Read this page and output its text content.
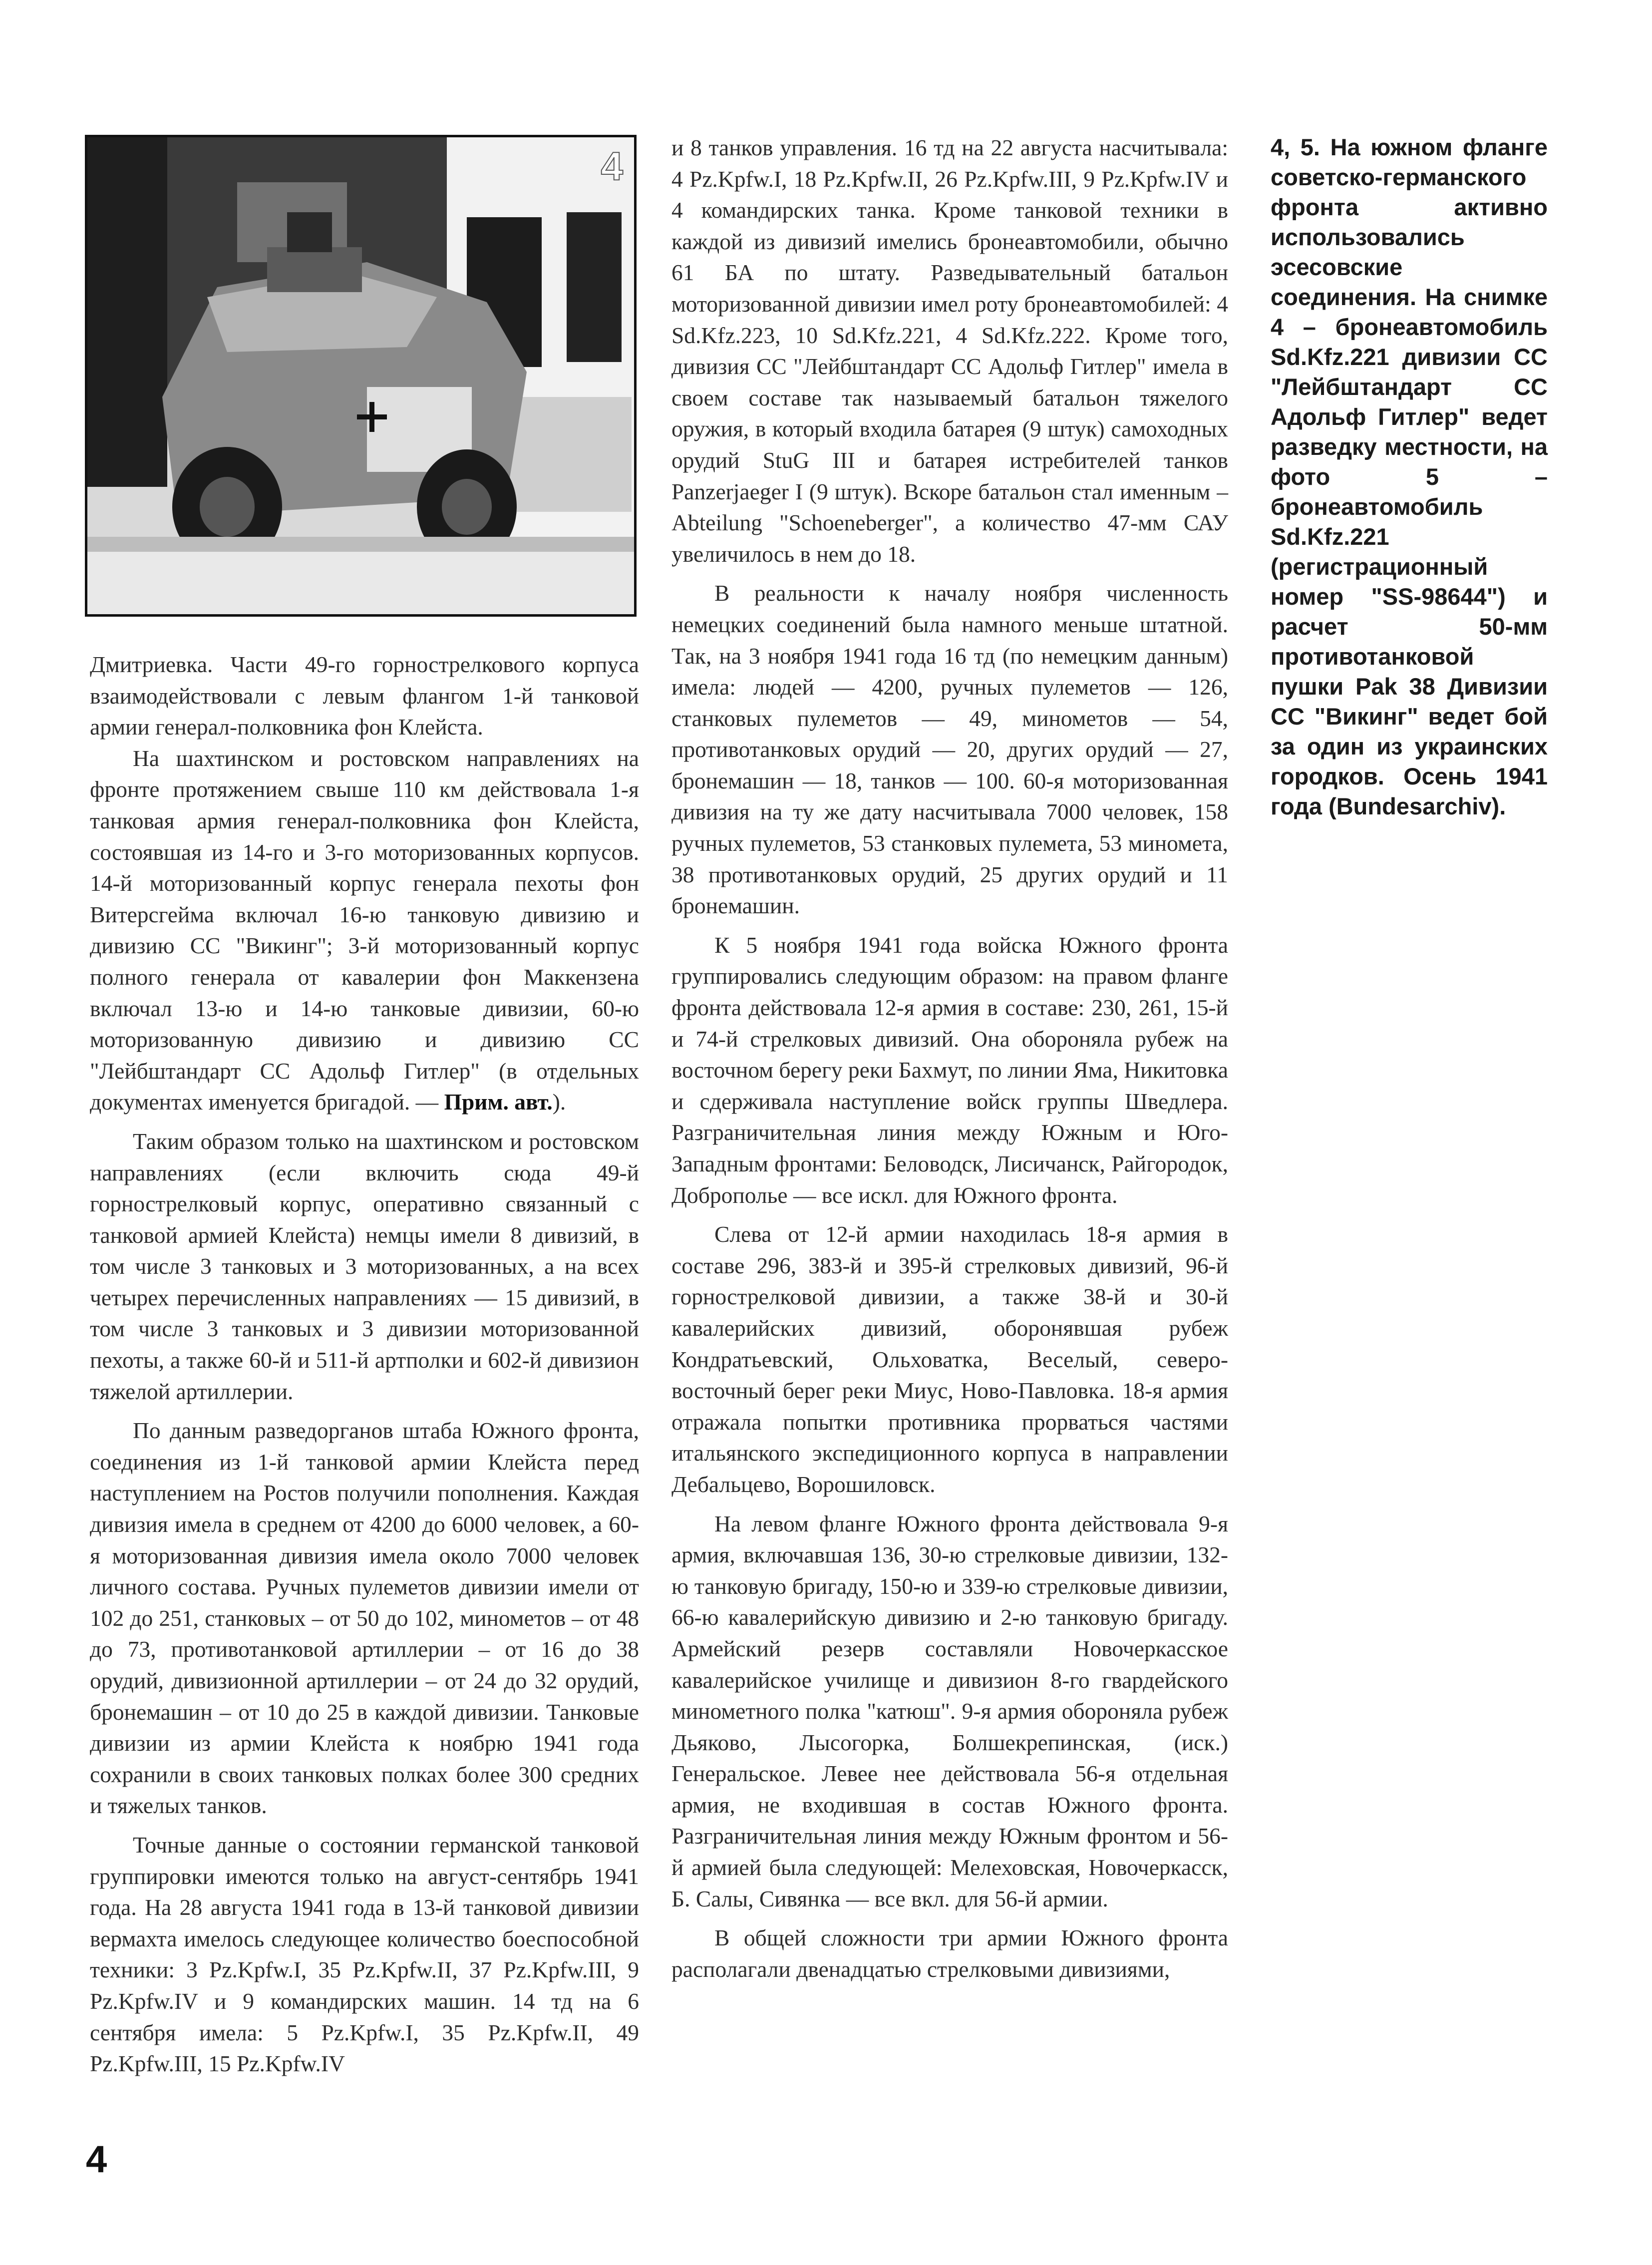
4

Дмитриевка. Части 49-го горнострелкового корпуса взаимодействовали с левым флангом 1-й танковой армии генерал-полковника фон Клейста.

На шахтинском и ростовском направлениях на фронте протяжением свыше 110 км действовала 1-я танковая армия генерал-полковника фон Клейста, состоявшая из 14-го и 3-го моторизованных корпусов. 14-й моторизованный корпус генерала пехоты фон Витерсгейма включал 16-ю танковую дивизию и дивизию СС "Викинг"; 3-й моторизованный корпус полного генерала от кавалерии фон Маккензена включал 13-ю и 14-ю танковые дивизии, 60-ю моторизованную дивизию и дивизию СС "Лейбштандарт СС Адольф Гитлер" (в отдельных документах именуется бригадой. — Прим. авт.).

Таким образом только на шахтинском и ростовском направлениях (если включить сюда 49-й горнострелковый корпус, оперативно связанный с танковой армией Клейста) немцы имели 8 дивизий, в том числе 3 танковых и 3 моторизованных, а на всех четырех перечисленных направлениях — 15 дивизий, в том числе 3 танковых и 3 дивизии моторизованной пехоты, а также 60-й и 511-й артполки и 602-й дивизион тяжелой артиллерии.

По данным разведорганов штаба Южного фронта, соединения из 1-й танковой армии Клейста перед наступлением на Ростов получили пополнения. Каждая дивизия имела в среднем от 4200 до 6000 человек, а 60-я моторизованная дивизия имела около 7000 человек личного состава. Ручных пулеметов дивизии имели от 102 до 251, станковых – от 50 до 102, минометов – от 48 до 73, противотанковой артиллерии – от 16 до 38 орудий, дивизионной артиллерии – от 24 до 32 орудий, бронемашин – от 10 до 25 в каждой дивизии. Танковые дивизии из армии Клейста к ноябрю 1941 года сохранили в своих танковых полках более 300 средних и тяжелых танков.

Точные данные о состоянии германской танковой группировки имеются только на август-сентябрь 1941 года. На 28 августа 1941 года в 13-й танковой дивизии вермахта имелось следующее количество боеспособной техники: 3 Pz.Kpfw.I, 35 Pz.Kpfw.II, 37 Pz.Kpfw.III, 9 Pz.Kpfw.IV и 9 командирских машин. 14 тд на 6 сентября имела: 5 Pz.Kpfw.I, 35 Pz.Kpfw.II, 49 Pz.Kpfw.III, 15 Pz.Kpfw.IV

и 8 танков управления. 16 тд на 22 августа насчитывала: 4 Pz.Kpfw.I, 18 Pz.Kpfw.II, 26 Pz.Kpfw.III, 9 Pz.Kpfw.IV и 4 командирских танка. Кроме танковой техники в каждой из дивизий имелись бронеавтомобили, обычно 61 БА по штату. Разведывательный батальон моторизованной дивизии имел роту бронеавтомобилей: 4 Sd.Kfz.223, 10 Sd.Kfz.221, 4 Sd.Kfz.222. Кроме того, дивизия СС "Лейбштандарт СС Адольф Гитлер" имела в своем составе так называемый батальон тяжелого оружия, в который входила батарея (9 штук) самоходных орудий StuG III и батарея истребителей танков Panzerjaeger I (9 штук). Вскоре батальон стал именным – Abteilung "Schoeneberger", а количество 47-мм САУ увеличилось в нем до 18.

В реальности к началу ноября численность немецких соединений была намного меньше штатной. Так, на 3 ноября 1941 года 16 тд (по немецким данным) имела: людей — 4200, ручных пулеметов — 126, станковых пулеметов — 49, минометов — 54, противотанковых орудий — 20, других орудий — 27, бронемашин — 18, танков — 100. 60-я моторизованная дивизия на ту же дату насчитывала 7000 человек, 158 ручных пулеметов, 53 станковых пулемета, 53 миномета, 38 противотанковых орудий, 25 других орудий и 11 бронемашин.

К 5 ноября 1941 года войска Южного фронта группировались следующим образом: на правом фланге фронта действовала 12-я армия в составе: 230, 261, 15-й и 74-й стрелковых дивизий. Она обороняла рубеж на восточном берегу реки Бахмут, по линии Яма, Никитовка и сдерживала наступление войск группы Шведлера. Разграничительная линия между Южным и Юго-Западным фронтами: Беловодск, Лисичанск, Райгородок, Доброполье — все искл. для Южного фронта.

Слева от 12-й армии находилась 18-я армия в составе 296, 383-й и 395-й стрелковых дивизий, 96-й горнострелковой дивизии, а также 38-й и 30-й кавалерийских дивизий, оборонявшая рубеж Кондратьевский, Ольховатка, Веселый, северо-восточный берег реки Миус, Ново-Павловка. 18-я армия отражала попытки противника прорваться частями итальянского экспедиционного корпуса в направлении Дебальцево, Ворошиловск.

На левом фланге Южного фронта действовала 9-я армия, включавшая 136, 30-ю стрелковые дивизии, 132-ю танковую бригаду, 150-ю и 339-ю стрелковые дивизии, 66-ю кавалерийскую дивизию и 2-ю танковую бригаду. Армейский резерв составляли Новочеркасское кавалерийское училище и дивизион 8-го гвардейского минометного полка "катюш". 9-я армия обороняла рубеж Дьяково, Лысогорка, Болшекрепинская, (иск.) Генеральское. Левее нее действовала 56-я отдельная армия, не входившая в состав Южного фронта. Разграничительная линия между Южным фронтом и 56-й армией была следующей: Мелеховская, Новочеркасск, Б. Салы, Сивянка — все вкл. для 56-й армии.

В общей сложности три армии Южного фронта располагали двенадцатью стрелковыми дивизиями,

4, 5. На южном фланге советско-германского фронта активно использовались эсесовские соединения. На снимке 4 – бронеавтомобиль Sd.Kfz.221 дивизии СС "Лейбштандарт СС Адольф Гитлер" ведет разведку местности, на фото 5 – бронеавтомобиль Sd.Kfz.221 (регистрационный номер "SS-98644") и расчет 50-мм противотанковой пушки Pak 38 Дивизии СС "Викинг" ведет бой за один из украинских городков. Осень 1941 года (Bundesarchiv).
4
